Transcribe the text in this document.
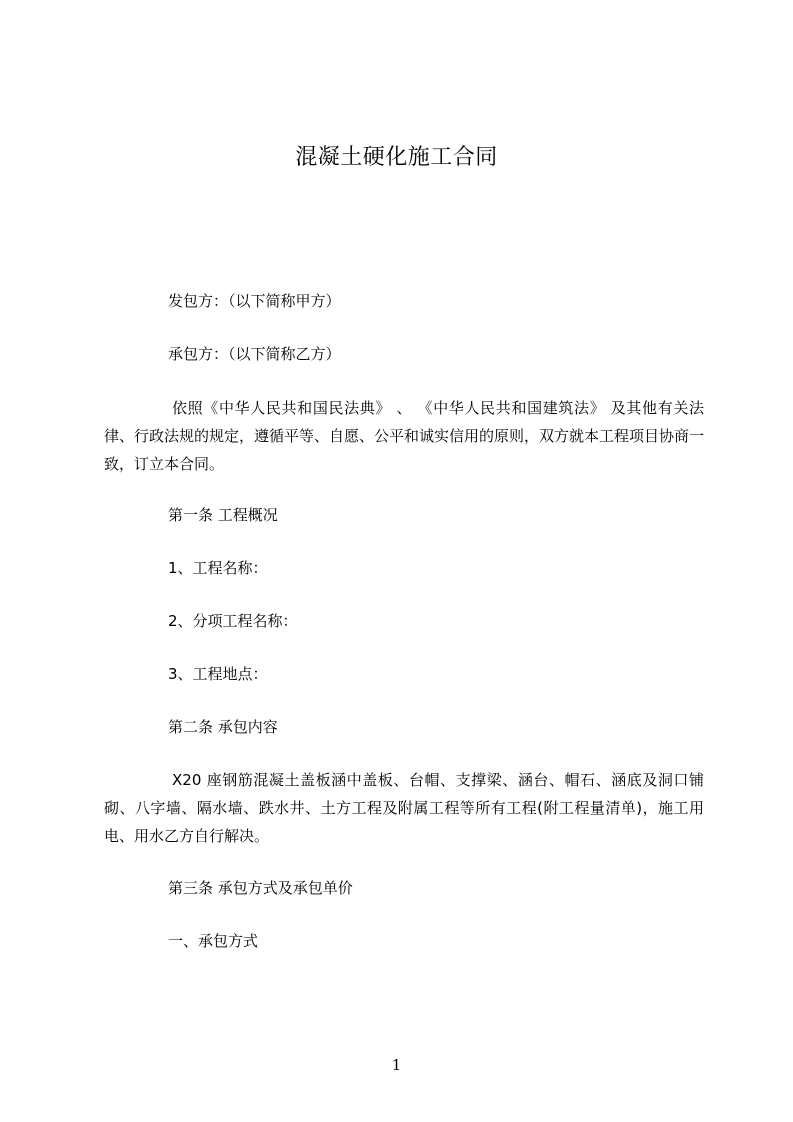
混凝土硬化施工合同
发包方：（以下简称甲方）
承包方：（以下简称乙方）
依照《中华人民共和国民法典》 、 《中华人民共和国建筑法》 及其他有关法律、行政法规的规定，遵循平等、自愿、公平和诚实信用的原则，双方就本工程项目协商一致，订立本合同。
第一条 工程概况
1、工程名称：
2、分项工程名称：
3、工程地点：
第二条 承包内容
X20 座钢筋混凝土盖板涵中盖板、台帽、支撑梁、涵台、帽石、涵底及洞口铺砌、八字墙、隔水墙、跌水井、土方工程及附属工程等所有工程(附工程量清单)，施工用电、用水乙方自行解决。
第三条 承包方式及承包单价
一、承包方式
1
